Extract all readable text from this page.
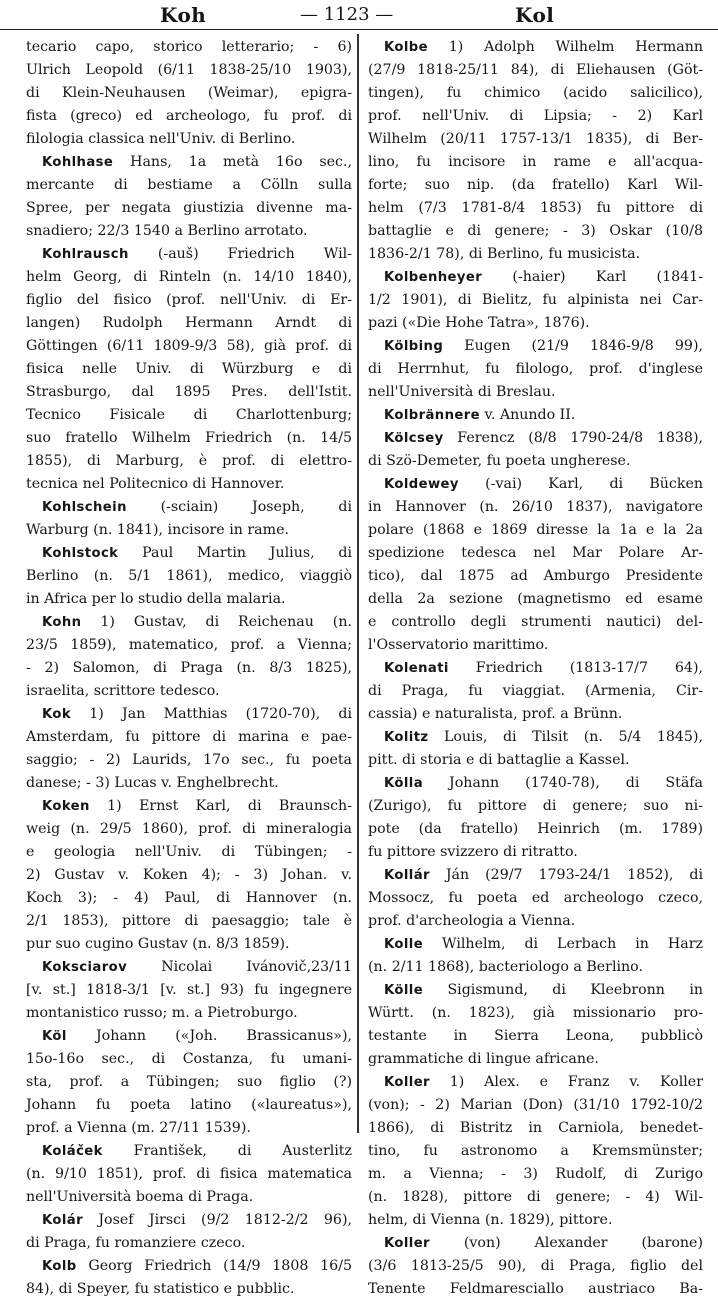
Koh	— 1123 —	Kol
tecario capo, storico letterario; - 6)
Ulrich Leopold (6/11 1838-25/10 1903),
di Klein-Neuhausen (Weimar), epigra-
fista (greco) ed archeologo, fu prof. di
filologia classica nell'Univ. di Berlino.
Kohlhase Hans, 1a metà 16o sec.,
mercante di bestiame a Cölln sulla
Spree, per negata giustizia divenne ma-
snadiero; 22/3 1540 a Berlino arrotato.
Kohlrausch (-auš) Friedrich Wil-
helm Georg, di Rinteln (n. 14/10 1840),
figlio del fisico (prof. nell'Univ. di Er-
langen) Rudolph Hermann Arndt di
Göttingen (6/11 1809-9/3 58), già prof. di
fisica nelle Univ. di Würzburg e di
Strasburgo, dal 1895 Pres. dell'Istit.
Tecnico Fisicale di Charlottenburg;
suo fratello Wilhelm Friedrich (n. 14/5
1855), di Marburg, è prof. di elettro-
tecnica nel Politecnico di Hannover.
Kohlschein (-sciain) Joseph, di
Warburg (n. 1841), incisore in rame.
Kohlstock Paul Martin Julius, di
Berlino (n. 5/1 1861), medico, viaggiò
in Africa per lo studio della malaria.
Kohn 1) Gustav, di Reichenau (n.
23/5 1859), matematico, prof. a Vienna;
- 2) Salomon, di Praga (n. 8/3 1825),
israelita, scrittore tedesco.
Kok 1) Jan Matthias (1720-70), di
Amsterdam, fu pittore di marina e pae-
saggio; - 2) Laurids, 17o sec., fu poeta
danese; - 3) Lucas v. Enghelbrecht.
Koken 1) Ernst Karl, di Braunsch-
weig (n. 29/5 1860), prof. di mineralogia
e geologia nell'Univ. di Tübingen; -
2) Gustav v. Koken 4); - 3) Johan. v.
Koch 3); - 4) Paul, di Hannover (n.
2/1 1853), pittore di paesaggio; tale è
pur suo cugino Gustav (n. 8/3 1859).
Koksciarov Nicolai Ivánovič,23/11
[v. st.] 1818-3/1 [v. st.] 93) fu ingegnere
montanistico russo; m. a Pietroburgo.
Köl Johann («Joh. Brassicanus»),
15o-16o sec., di Costanza, fu umani-
sta, prof. a Tübingen; suo figlio (?)
Johann fu poeta latino («laureatus»),
prof. a Vienna (m. 27/11 1539).
Koláček František, di Austerlitz
(n. 9/10 1851), prof. di fisica matematica
nell'Università boema di Praga.
Kolár Josef Jirsci (9/2 1812-2/2 96),
di Praga, fu romanziere czeco.
Kolb Georg Friedrich (14/9 1808 16/5
84), di Speyer, fu statistico e pubblic.
Kolbe 1) Adolph Wilhelm Hermann
(27/9 1818-25/11 84), di Eliehausen (Göt-
tingen), fu chimico (acido salicilico),
prof. nell'Univ. di Lipsia; - 2) Karl
Wilhelm (20/11 1757-13/1 1835), di Ber-
lino, fu incisore in rame e all'acqua-
forte; suo nip. (da fratello) Karl Wil-
helm (7/3 1781-8/4 1853) fu pittore di
battaglie e di genere; - 3) Oskar (10/8
1836-2/1 78), di Berlino, fu musicista.
Kolbenheyer (-haier) Karl (1841-
1/2 1901), di Bielitz, fu alpinista nei Car-
pazi («Die Hohe Tatra», 1876).
Kölbing Eugen (21/9 1846-9/8 99),
di Herrnhut, fu filologo, prof. d'inglese
nell'Università di Breslau.
Kolbrännere v. Anundo II.
Kölcsey Ferencz (8/8 1790-24/8 1838),
di Szö-Demeter, fu poeta ungherese.
Koldewey (-vai) Karl, di Bücken
in Hannover (n. 26/10 1837), navigatore
polare (1868 e 1869 diresse la 1a e la 2a
spedizione tedesca nel Mar Polare Ar-
tico), dal 1875 ad Amburgo Presidente
della 2a sezione (magnetismo ed esame
e controllo degli strumenti nautici) del-
l'Osservatorio marittimo.
Kolenati Friedrich (1813-17/7 64),
di Praga, fu viaggiat. (Armenia, Cir-
cassia) e naturalista, prof. a Brünn.
Kolitz Louis, di Tilsit (n. 5/4 1845),
pitt. di storia e di battaglie a Kassel.
Kölla Johann (1740-78), di Stäfa
(Zurigo), fu pittore di genere; suo ni-
pote (da fratello) Heinrich (m. 1789)
fu pittore svizzero di ritratto.
Kollár Ján (29/7 1793-24/1 1852), di
Mossocz, fu poeta ed archeologo czeco,
prof. d'archeologia a Vienna.
Kolle Wilhelm, di Lerbach in Harz
(n. 2/11 1868), bacteriologo a Berlino.
Kölle Sigismund, di Kleebronn in
Württ. (n. 1823), già missionario pro-
testante in Sierra Leona, pubblicò
grammatiche di lingue africane.
Koller 1) Alex. e Franz v. Koller
(von); - 2) Marian (Don) (31/10 1792-10/2
1866), di Bistritz in Carniola, benedet-
tino, fu astronomo a Kremsmünster;
m. a Vienna; - 3) Rudolf, di Zurigo
(n. 1828), pittore di genere; - 4) Wil-
helm, di Vienna (n. 1829), pittore.
Koller (von) Alexander (barone)
(3/6 1813-25/5 90), di Praga, figlio del
Tenente Feldmaresciallo austriaco Ba-
